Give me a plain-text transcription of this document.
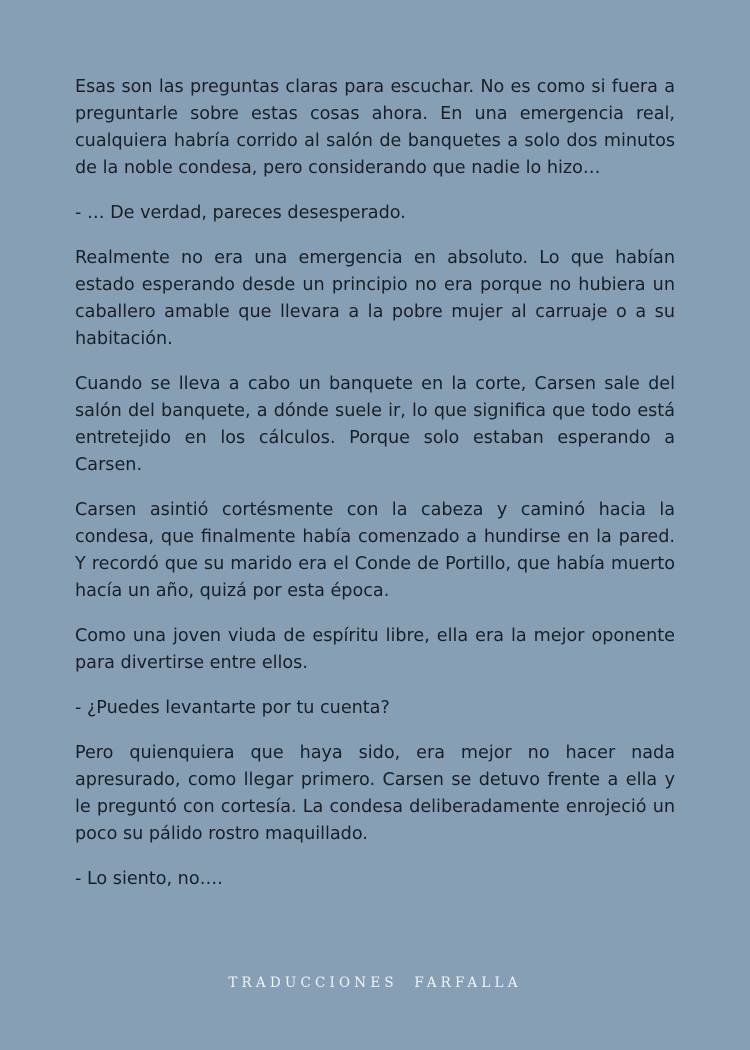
Esas son las preguntas claras para escuchar. No es como si fuera a preguntarle sobre estas cosas ahora. En una emergencia real, cualquiera habría corrido al salón de banquetes a solo dos minutos de la noble condesa, pero considerando que nadie lo hizo…

- … De verdad, pareces desesperado.

Realmente no era una emergencia en absoluto. Lo que habían estado esperando desde un principio no era porque no hubiera un caballero amable que llevara a la pobre mujer al carruaje o a su habitación.

Cuando se lleva a cabo un banquete en la corte, Carsen sale del salón del banquete, a dónde suele ir, lo que significa que todo está entretejido en los cálculos. Porque solo estaban esperando a Carsen.

Carsen asintió cortésmente con la cabeza y caminó hacia la condesa, que finalmente había comenzado a hundirse en la pared. Y recordó que su marido era el Conde de Portillo, que había muerto hacía un año, quizá por esta época.

Como una joven viuda de espíritu libre, ella era la mejor oponente para divertirse entre ellos.

- ¿Puedes levantarte por tu cuenta?

Pero quienquiera que haya sido, era mejor no hacer nada apresurado, como llegar primero. Carsen se detuvo frente a ella y le preguntó con cortesía. La condesa deliberadamente enrojeció un poco su pálido rostro maquillado.

- Lo siento, no….

TRADUCCIONES FARFALLA
